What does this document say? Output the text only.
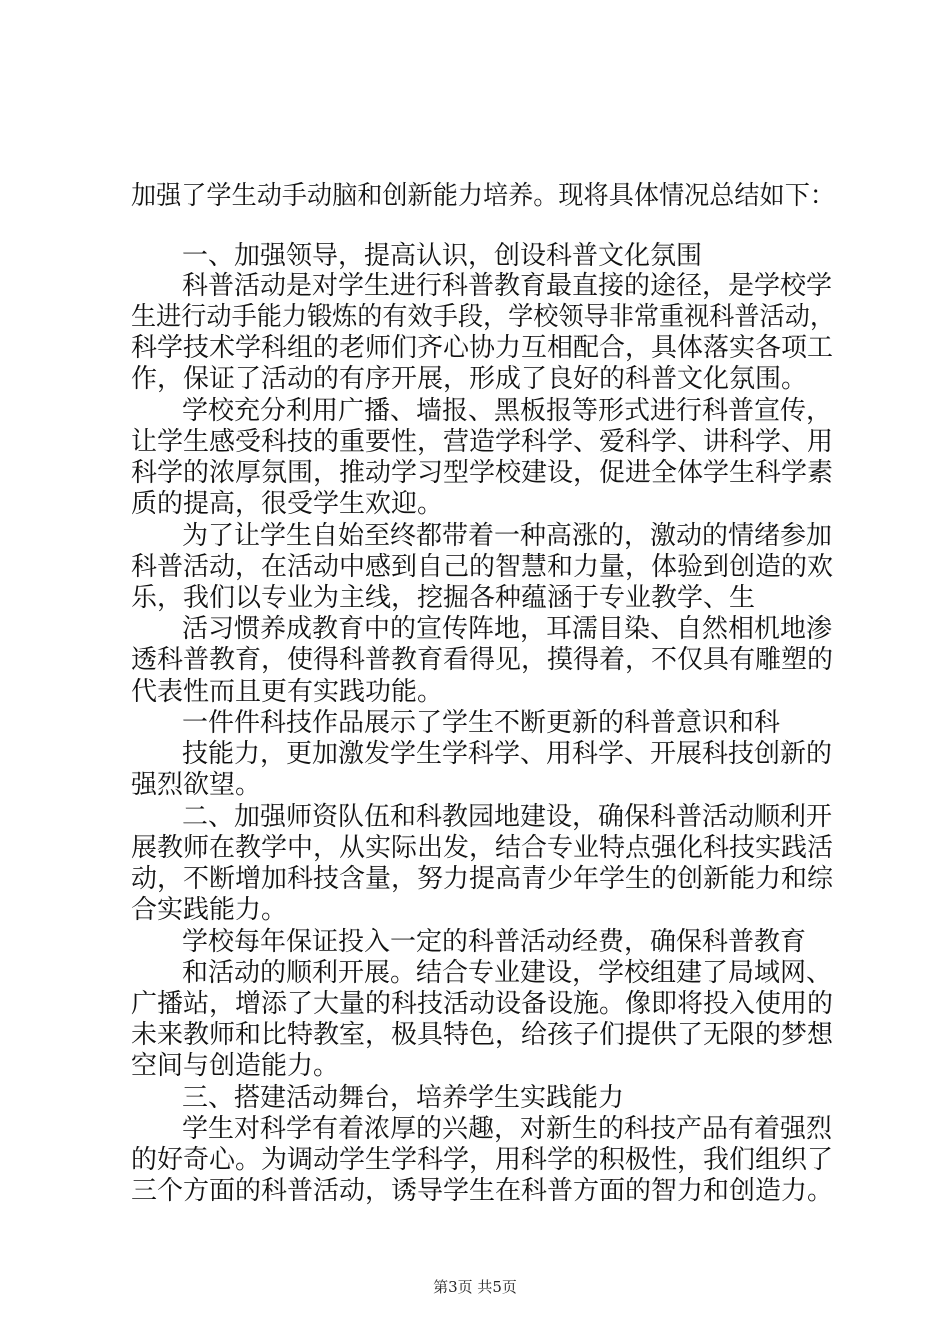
加强了学生动手动脑和创新能力培养。现将具体情况总结如下：
一、加强领导，提高认识，创设科普文化氛围
科普活动是对学生进行科普教育最直接的途径，是学校学
生进行动手能力锻炼的有效手段，学校领导非常重视科普活动，
科学技术学科组的老师们齐心协力互相配合，具体落实各项工
作，保证了活动的有序开展，形成了良好的科普文化氛围。
学校充分利用广播、墙报、黑板报等形式进行科普宣传，
让学生感受科技的重要性，营造学科学、爱科学、讲科学、用
科学的浓厚氛围，推动学习型学校建设，促进全体学生科学素
质的提高，很受学生欢迎。
为了让学生自始至终都带着一种高涨的，激动的情绪参加
科普活动，在活动中感到自己的智慧和力量，体验到创造的欢
乐，我们以专业为主线，挖掘各种蕴涵于专业教学、生
活习惯养成教育中的宣传阵地，耳濡目染、自然相机地渗
透科普教育，使得科普教育看得见，摸得着，不仅具有雕塑的
代表性而且更有实践功能。
一件件科技作品展示了学生不断更新的科普意识和科
技能力，更加激发学生学科学、用科学、开展科技创新的
强烈欲望。
二、加强师资队伍和科教园地建设，确保科普活动顺利开
展教师在教学中，从实际出发，结合专业特点强化科技实践活
动，不断增加科技含量，努力提高青少年学生的创新能力和综
合实践能力。
学校每年保证投入一定的科普活动经费，确保科普教育
和活动的顺利开展。结合专业建设，学校组建了局域网、
广播站，增添了大量的科技活动设备设施。像即将投入使用的
未来教师和比特教室，极具特色，给孩子们提供了无限的梦想
空间与创造能力。
三、搭建活动舞台，培养学生实践能力
学生对科学有着浓厚的兴趣，对新生的科技产品有着强烈
的好奇心。为调动学生学科学，用科学的积极性，我们组织了
三个方面的科普活动，诱导学生在科普方面的智力和创造力。
第3页 共5页
